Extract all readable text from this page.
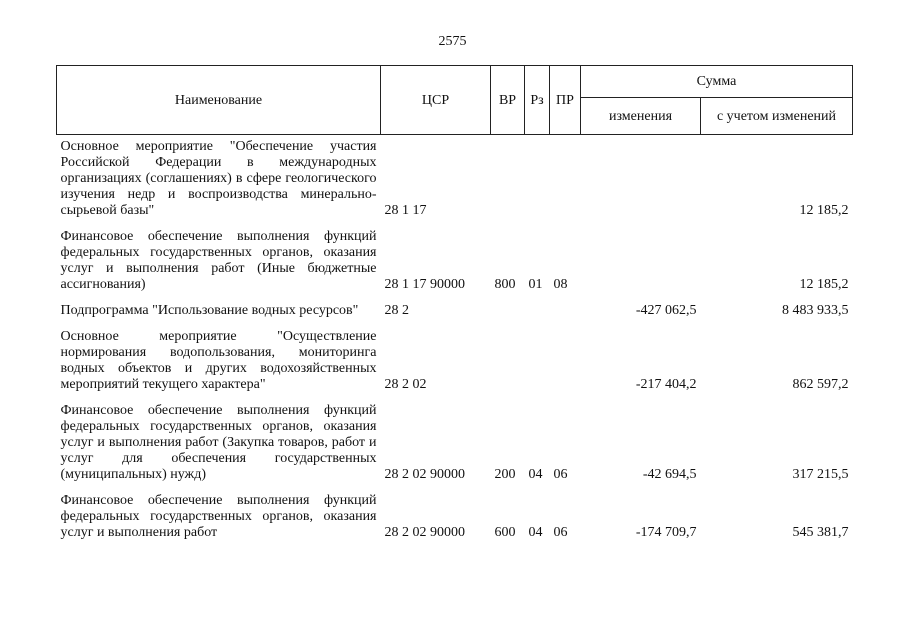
2575
Наименование	ЦСР	ВР	Рз	ПР	Сумма	
					изменения	с учетом изменений
Основное мероприятие "Обеспечение участия Российской Федерации в международных организациях (соглашениях) в сфере геологического изучения недр и воспроизводства минерально-сырьевой базы"	28 1 17					12 185,2
Финансовое обеспечение выполнения функций федеральных государственных органов, оказания услуг и выполнения работ (Иные бюджетные ассигнования)	28 1 17 90000	800	01	08		12 185,2
Подпрограмма "Использование водных ресурсов"	28 2				-427 062,5	8 483 933,5
Основное мероприятие "Осуществление нормирования водопользования, мониторинга водных объектов и других водохозяйственных мероприятий текущего характера"	28 2 02				-217 404,2	862 597,2
Финансовое обеспечение выполнения функций федеральных государственных органов, оказания услуг и выполнения работ (Закупка товаров, работ и услуг для обеспечения государственных (муниципальных) нужд)	28 2 02 90000	200	04	06	-42 694,5	317 215,5
Финансовое обеспечение выполнения функций федеральных государственных органов, оказания услуг и выполнения работ	28 2 02 90000	600	04	06	-174 709,7	545 381,7
